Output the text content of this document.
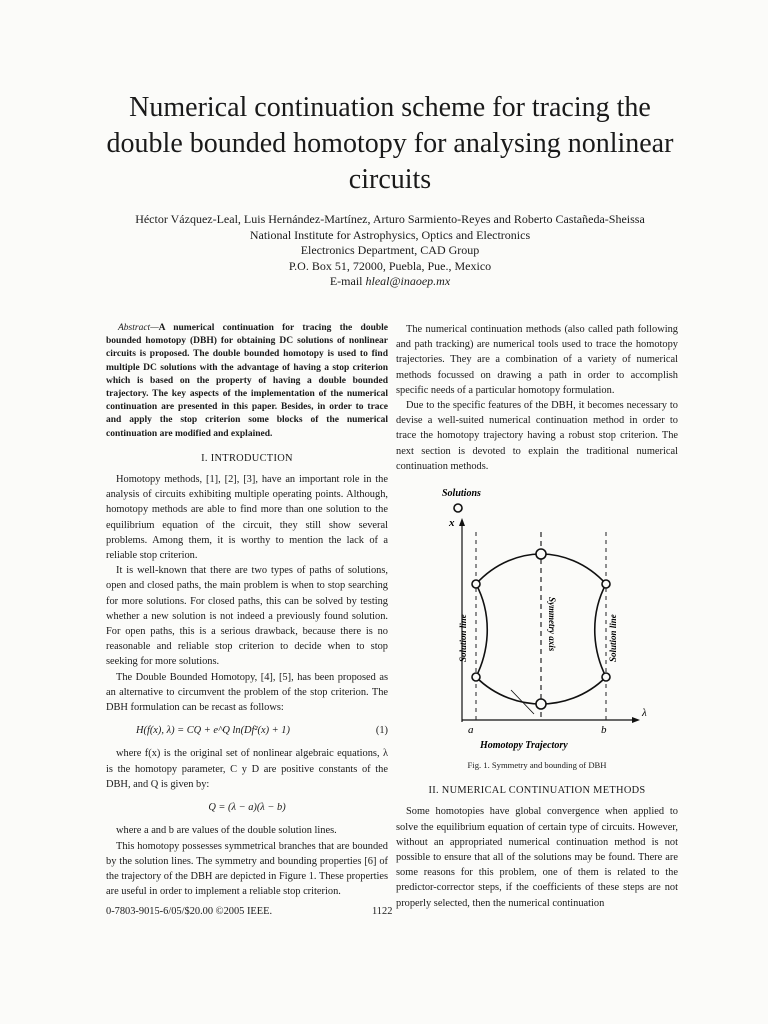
Numerical continuation scheme for tracing the double bounded homotopy for analysing nonlinear circuits
Héctor Vázquez-Leal, Luis Hernández-Martínez, Arturo Sarmiento-Reyes and Roberto Castañeda-Sheissa
National Institute for Astrophysics, Optics and Electronics
Electronics Department, CAD Group
P.O. Box 51, 72000, Puebla, Pue., Mexico
E-mail hleal@inaoep.mx

Abstract—A numerical continuation for tracing the double bounded homotopy (DBH) for obtaining DC solutions of nonlinear circuits is proposed. The double bounded homotopy is used to find multiple DC solutions with the advantage of having a stop criterion which is based on the property of having a double bounded trajectory. The key aspects of the implementation of the numerical continuation are presented in this paper. Besides, in order to trace and apply the stop criterion some blocks of the numerical continuation are modified and explained.

I. INTRODUCTION

Homotopy methods, [1], [2], [3], have an important role in the analysis of circuits exhibiting multiple operating points. Although, homotopy methods are able to find more than one solution to the equilibrium equation of the circuit, they still show several problems. Among them, it is worthy to mention the lack of a reliable stop criterion.

It is well-known that there are two types of paths of solutions, open and closed paths, the main problem is when to stop searching for more solutions. For closed paths, this can be solved by testing whether a new solution is not indeed a previously found solution. For open paths, this is a serious drawback, because there is no reasonable and reliable stop criterion to decide when to stop seeking for more solutions.

The Double Bounded Homotopy, [4], [5], has been proposed as an alternative to circumvent the problem of the stop criterion. The DBH formulation can be recast as follows:

H(f(x), λ) = CQ + e^Q ln(Df²(x) + 1)	(1)

where f(x) is the original set of nonlinear algebraic equations, λ is the homotopy parameter, C y D are positive constants of the DBH, and Q is given by:

Q = (λ − a)(λ − b)

where a and b are values of the double solution lines.

This homotopy possesses symmetrical branches that are bounded by the solution lines. The symmetry and bounding properties [6] of the trajectory of the DBH are depicted in Figure 1. These properties are useful in order to implement a reliable stop criterion.

The numerical continuation methods (also called path following and path tracking) are numerical tools used to trace the homotopy trajectories. They are a combination of a variety of numerical methods focussed on drawing a path in order to accomplish specific needs of a particular homotopy formulation.

Due to the specific features of the DBH, it becomes necessary to devise a well-suited numerical continuation method in order to trace the homotopy trajectory having a robust stop criterion. The next section is devoted to explain the traditional numerical continuation methods.

Solutions
x
λ
Solution line	Symmetry axis	Solution line
a	b
Homotopy Trajectory
Fig. 1. Symmetry and bounding of DBH
II. NUMERICAL CONTINUATION METHODS

Some homotopies have global convergence when applied to solve the equilibrium equation of certain type of circuits. However, without an appropriated numerical continuation method is not possible to ensure that all of the solutions may be found. There are some reasons for this problem, one of them is related to the predictor-corrector steps, if the coefficients of these steps are not properly selected, then the numerical continuation

0-7803-9015-6/05/$20.00 ©2005 IEEE.	1122
